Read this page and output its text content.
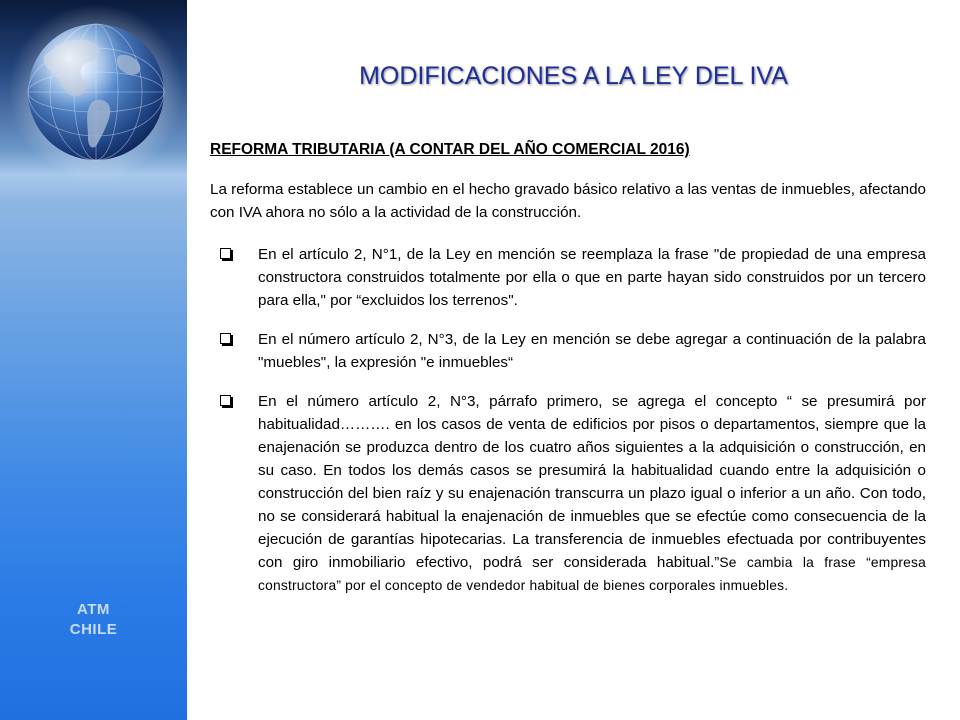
ATM
CHILE
MODIFICACIONES A LA LEY DEL IVA
REFORMA TRIBUTARIA (A CONTAR DEL AÑO COMERCIAL 2016)
La reforma establece un cambio en el hecho gravado básico relativo a las ventas de inmuebles, afectando con IVA ahora no sólo a la actividad de la construcción.
En el artículo 2, N°1, de la Ley en mención se reemplaza la frase "de propiedad de una empresa constructora construidos totalmente por ella o que en parte hayan sido construidos por un tercero para ella," por “excluidos los terrenos".
En el número artículo 2, N°3, de la Ley en mención se debe agregar a continuación de la palabra "muebles", la expresión "e inmuebles“
En el número artículo 2, N°3, párrafo primero, se agrega el concepto “ se presumirá por habitualidad………. en los casos de venta de edificios por pisos o departamentos, siempre que la enajenación se produzca dentro de los cuatro años siguientes a la adquisición o construcción, en su caso. En todos los demás casos se presumirá la habitualidad cuando entre la adquisición o construcción del bien raíz y su enajenación transcurra un plazo igual o inferior a un año. Con todo, no se considerará habitual la enajenación de inmuebles que se efectúe como consecuencia de la ejecución de garantías hipotecarias. La transferencia de inmuebles efectuada por contribuyentes con giro inmobiliario efectivo, podrá ser considerada habitual.”Se cambia la frase “empresa constructora” por el concepto de vendedor habitual de bienes corporales inmuebles.
